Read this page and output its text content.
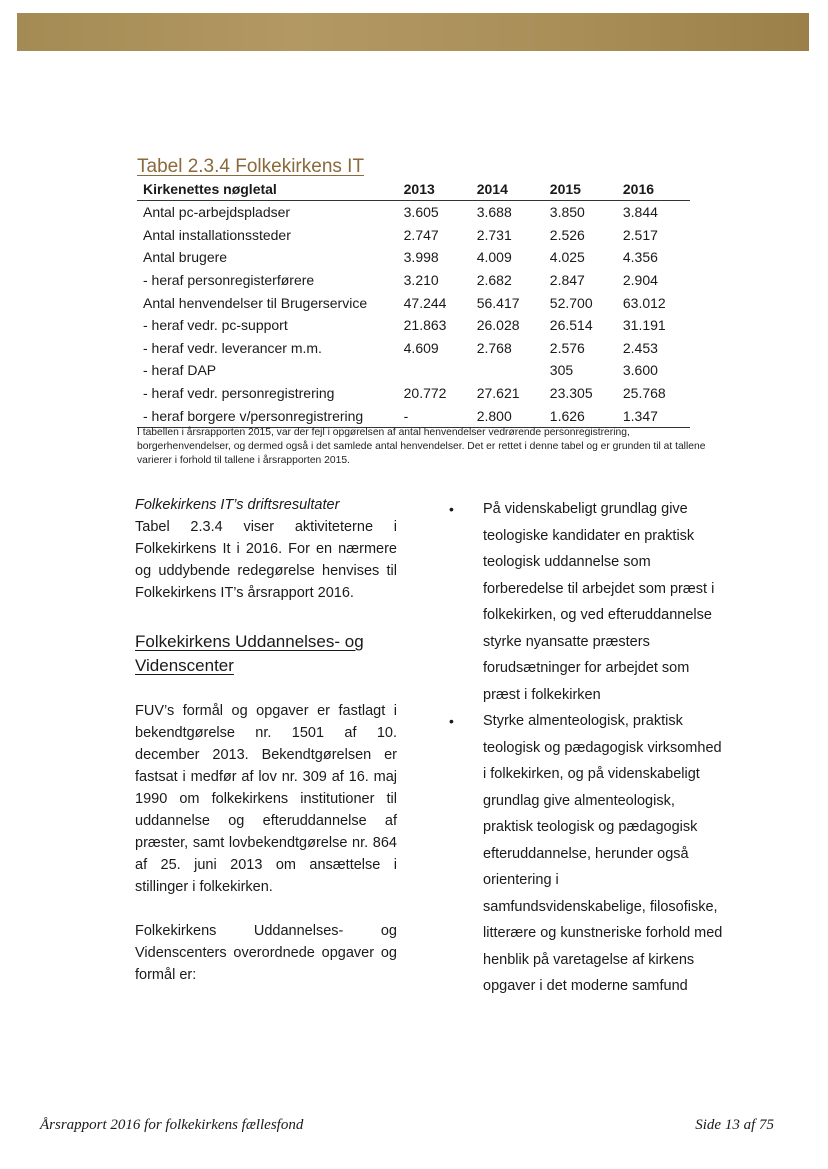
Tabel 2.3.4 Folkekirkens IT
Kirkenettes nøgletal	2013	2014	2015	2016
Antal pc-arbejdspladser	3.605	3.688	3.850	3.844
Antal installationssteder	2.747	2.731	2.526	2.517
Antal brugere	3.998	4.009	4.025	4.356
- heraf personregisterførere	3.210	2.682	2.847	2.904
Antal henvendelser til Brugerservice	47.244	56.417	52.700	63.012
- heraf vedr. pc-support	21.863	26.028	26.514	31.191
- heraf vedr. leverancer m.m.	4.609	2.768	2.576	2.453
- heraf DAP			305	3.600
- heraf vedr. personregistrering	20.772	27.621	23.305	25.768
- heraf borgere v/personregistrering	-	2.800	1.626	1.347

I tabellen i årsrapporten 2015, var der fejl i opgørelsen af antal henvendelser vedrørende personregistrering, borgerhenvendelser, og dermed også i det samlede antal henvendelser. Det er rettet i denne tabel og er grunden til at tallene varierer i forhold til tallene i årsrapporten 2015.

Folkekirkens IT’s driftsresultater

Tabel 2.3.4 viser aktiviteterne i Folkekirkens It i 2016. For en nærmere og uddybende redegørelse henvises til Folkekirkens IT’s årsrapport 2016.

Folkekirkens Uddannelses- og
Videnscenter

FUV’s formål og opgaver er fastlagt i bekendtgørelse nr. 1501 af 10. december 2013. Bekendtgørelsen er fastsat i medfør af lov nr. 309 af 16. maj 1990 om folkekirkens institutioner til uddannelse og efteruddannelse af præster, samt lovbekendtgørelse nr. 864 af 25. juni 2013 om ansættelse i stillinger i folkekirken.

Folkekirkens Uddannelses- og Videnscenters overordnede opgaver og formål er:

• På videnskabeligt grundlag give teologiske kandidater en praktisk teologisk uddannelse som forberedelse til arbejdet som præst i folkekirken, og ved efteruddannelse styrke nyansatte præsters forudsætninger for arbejdet som præst i folkekirken
• Styrke almenteologisk, praktisk teologisk og pædagogisk virksomhed i folkekirken, og på videnskabeligt grundlag give almenteologisk, praktisk teologisk og pædagogisk efteruddannelse, herunder også orientering i samfundsvidenskabelige, filosofiske, litterære og kunstneriske forhold med henblik på varetagelse af kirkens opgaver i det moderne samfund
Årsrapport 2016 for folkekirkens fællesfond	Side 13 af 75
